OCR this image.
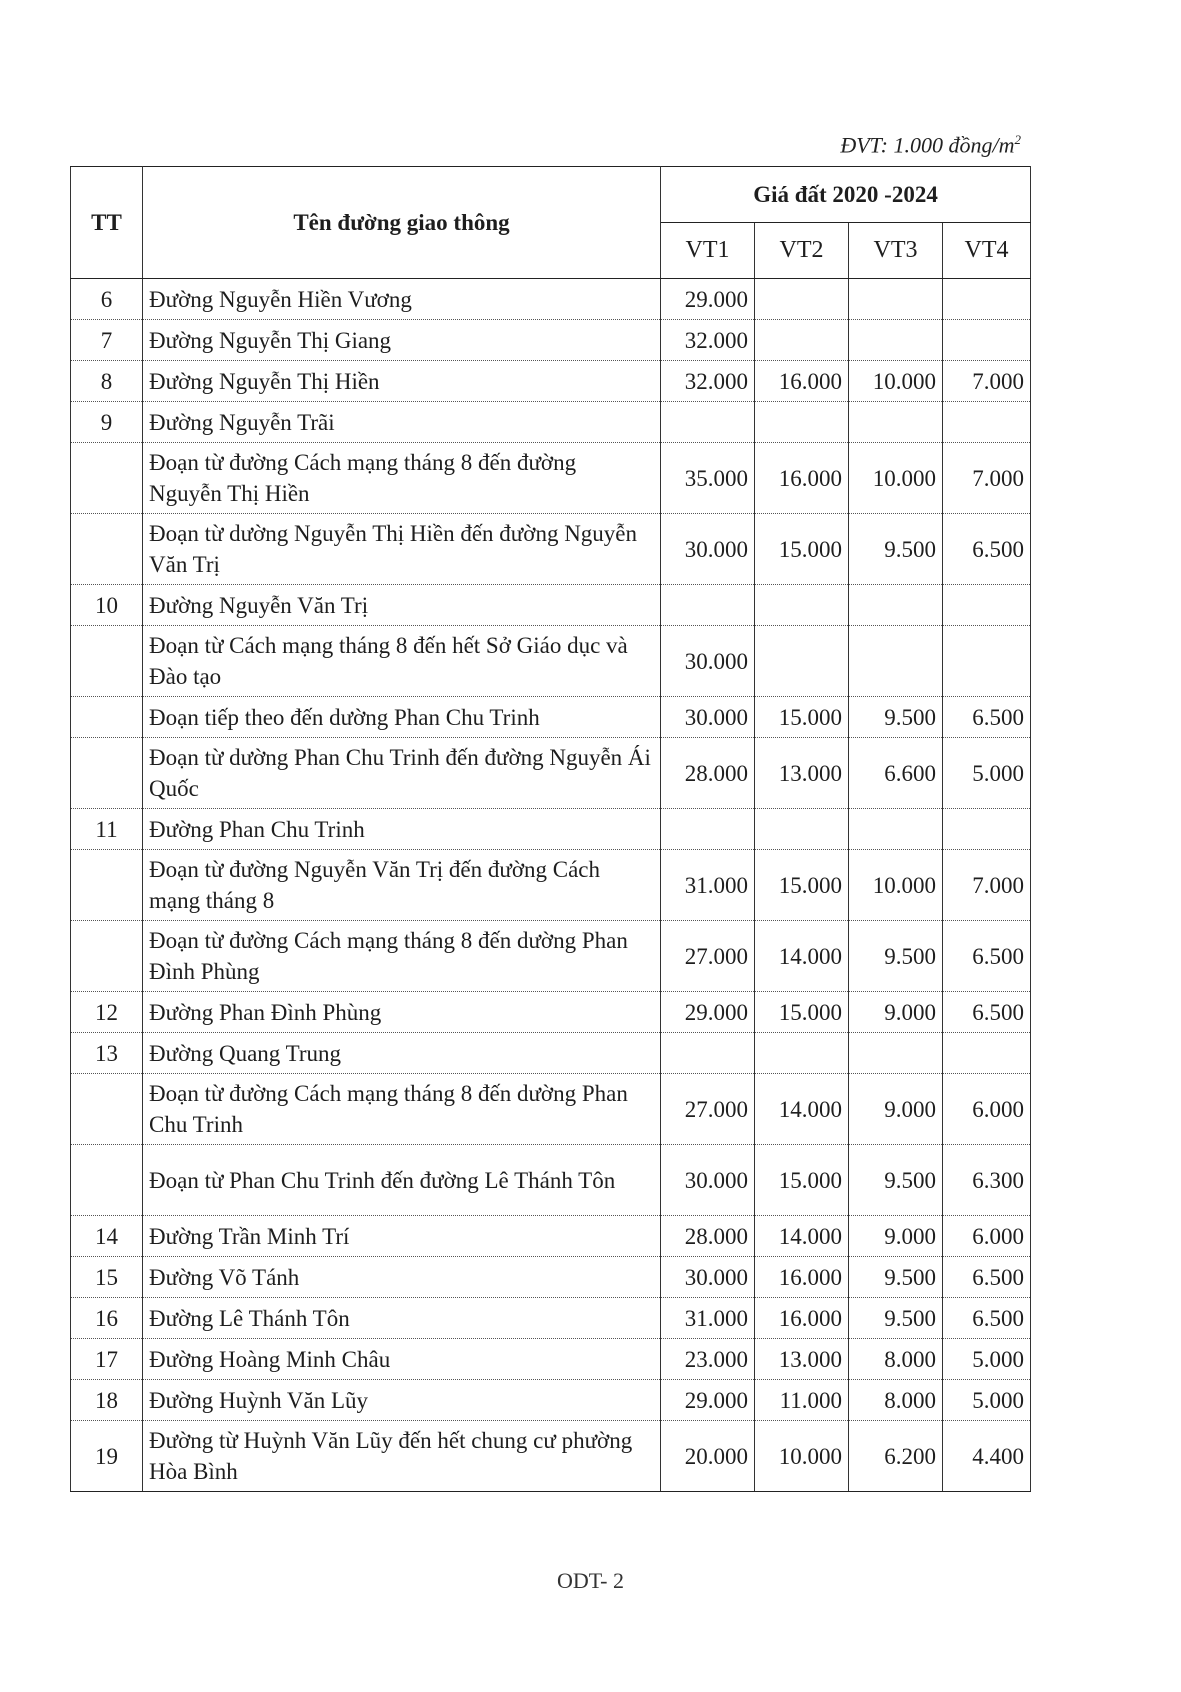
ĐVT: 1.000 đồng/$m^2$
TT	Tên đường giao thông	Giá đất 2020 -2024			
		VT1	VT2	VT3	VT4
6	Đường Nguyễn Hiền Vương	29.000			
7	Đường Nguyễn Thị Giang	32.000			
8	Đường Nguyễn Thị Hiền	32.000	16.000	10.000	7.000
9	Đường Nguyễn Trãi				
	Đoạn từ đường Cách mạng tháng 8 đến đường Nguyễn Thị Hiền	35.000	16.000	10.000	7.000
	Đoạn từ dường Nguyễn Thị Hiền đến đường Nguyễn Văn Trị	30.000	15.000	9.500	6.500
10	Đường Nguyễn Văn Trị				
	Đoạn từ Cách mạng tháng 8 đến hết Sở Giáo dục và Đào tạo	30.000			
	Đoạn tiếp theo đến dường Phan Chu Trinh	30.000	15.000	9.500	6.500
	Đoạn từ dường Phan Chu Trinh đến đường Nguyễn Ái Quốc	28.000	13.000	6.600	5.000
11	Đường Phan Chu Trinh				
	Đoạn từ đường Nguyễn Văn Trị đến đường Cách mạng tháng 8	31.000	15.000	10.000	7.000
	Đoạn từ đường Cách mạng tháng 8 đến dường Phan Đình Phùng	27.000	14.000	9.500	6.500
12	Đường Phan Đình Phùng	29.000	15.000	9.000	6.500
13	Đường Quang Trung				
	Đoạn từ đường Cách mạng tháng 8 đến dường Phan Chu Trinh	27.000	14.000	9.000	6.000
	Đoạn từ Phan Chu Trinh đến đường Lê Thánh Tôn	30.000	15.000	9.500	6.300
14	Đường Trần Minh Trí	28.000	14.000	9.000	6.000
15	Đường Võ Tánh	30.000	16.000	9.500	6.500
16	Đường Lê Thánh Tôn	31.000	16.000	9.500	6.500
17	Đường Hoàng Minh Châu	23.000	13.000	8.000	5.000
18	Đường Huỳnh Văn Lũy	29.000	11.000	8.000	5.000
19	Đường từ Huỳnh Văn Lũy đến hết chung cư phường Hòa Bình	20.000	10.000	6.200	4.400
ODT- 2
